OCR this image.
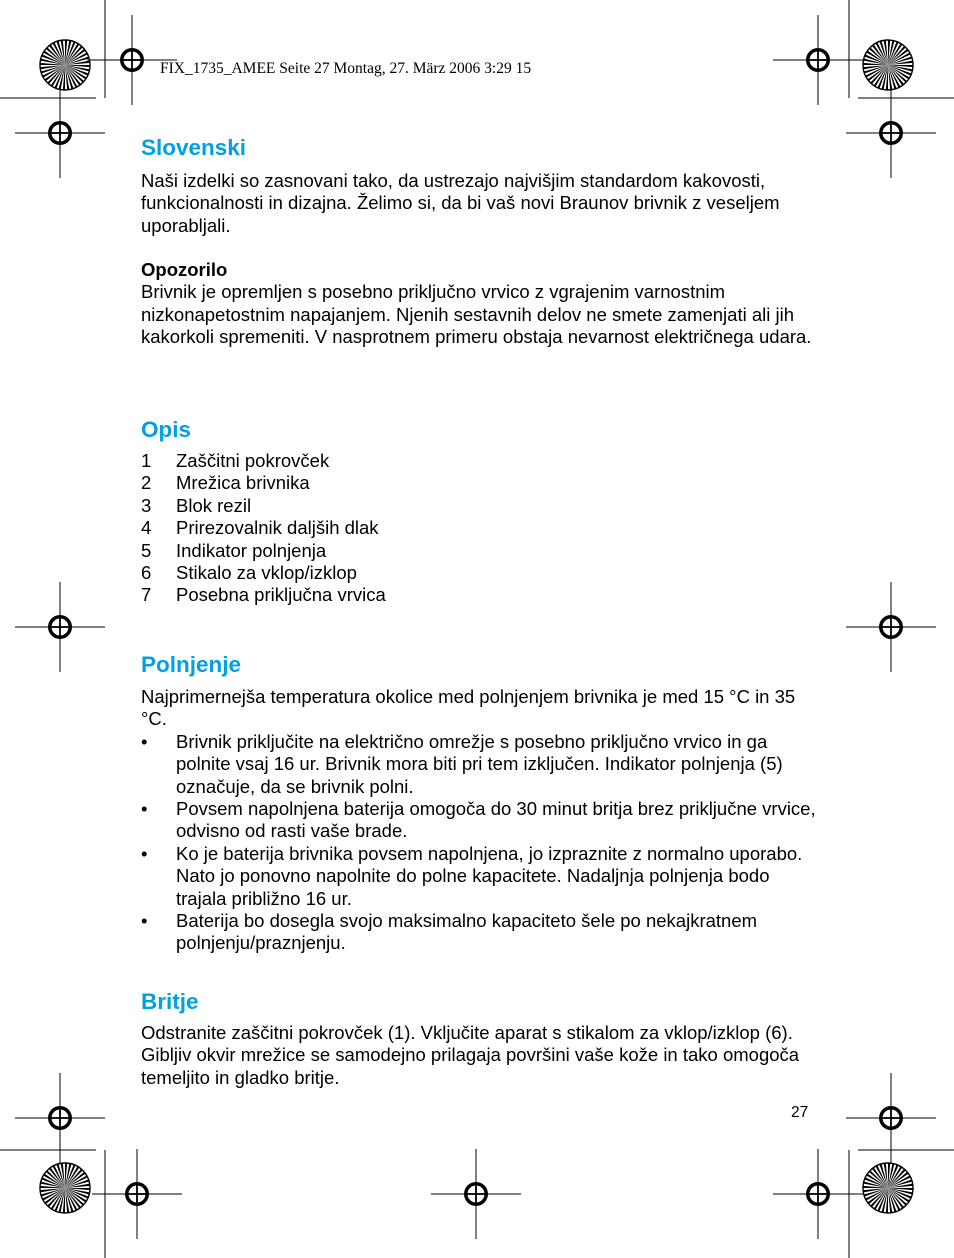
FIX_1735_AMEE Seite 27 Montag, 27. März 2006 3:29 15
Slovenski

Naši izdelki so zasnovani tako, da ustrezajo najvišjim standardom kakovosti, funkcionalnosti in dizajna. Želimo si, da bi vaš novi Braunov brivnik z veseljem uporabljali.

Opozorilo

Brivnik je opremljen s posebno priključno vrvico z vgrajenim varnostnim nizkonapetostnim napajanjem. Njenih sestavnih delov ne smete zamenjati ali jih kakorkoli spremeniti. V nasprotnem primeru obstaja nevarnost električnega udara.

Opis
1 Zaščitni pokrovček
2 Mrežica brivnika
3 Blok rezil
4 Prirezovalnik daljših dlak
5 Indikator polnjenja
6 Stikalo za vklop/izklop
7 Posebna priključna vrvica
Polnjenje

Najprimernejša temperatura okolice med polnjenjem brivnika je med 15 °C in 35 °C.

• Brivnik priključite na električno omrežje s posebno priključno vrvico in ga polnite vsaj 16 ur. Brivnik mora biti pri tem izključen. Indikator polnjenja (5) označuje, da se brivnik polni.
• Povsem napolnjena baterija omogoča do 30 minut britja brez priključne vrvice, odvisno od rasti vaše brade.
• Ko je baterija brivnika povsem napolnjena, jo izpraznite z normalno uporabo. Nato jo ponovno napolnite do polne kapacitete. Nadaljnja polnjenja bodo trajala približno 16 ur.
• Baterija bo dosegla svojo maksimalno kapaciteto šele po nekajkratnem polnjenju/praznjenju.
Britje

Odstranite zaščitni pokrovček (1). Vključite aparat s stikalom za vklop/izklop (6). Gibljiv okvir mrežice se samodejno prilagaja površini vaše kože in tako omogoča temeljito in gladko britje.

27
